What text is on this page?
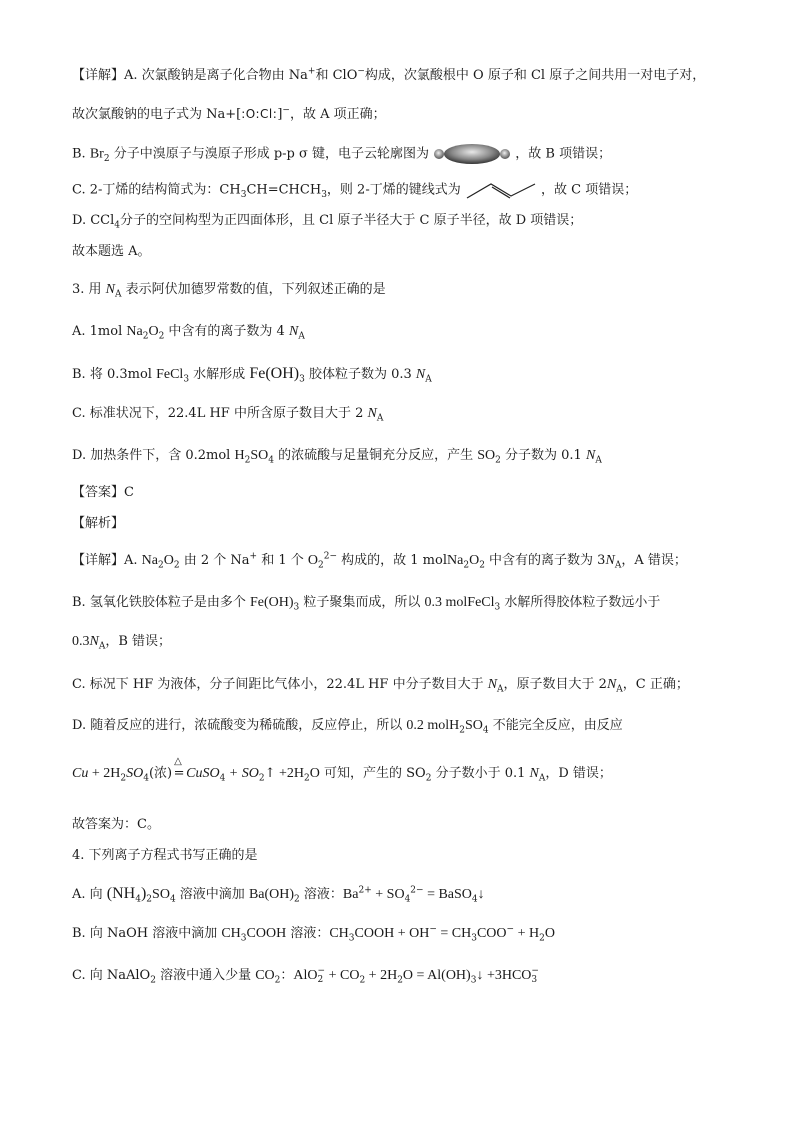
【详解】A. 次氯酸钠是离子化合物由 Na+和 ClO−构成，次氯酸根中 O 原子和 Cl 原子之间共用一对电子对，
故次氯酸钠的电子式为 Na+[:O:Cl:]−，故 A 项正确；
B. $Br_2$ 分子中溴原子与溴原子形成 p-p σ 键，电子云轮廓图为	，故 B 项错误；
C. 2-丁烯的结构简式为：$CH_3CH=CHCH_3$，则 2-丁烯的键线式为	，故 C 项错误；
D. CCl$_4$分子的空间构型为正四面体形，且 Cl 原子半径大于 C 原子半径，故 D 项错误；
故本题选 A。
3. 用 $N_A$ 表示阿伏加德罗常数的值，下列叙述正确的是
A. 1mol $Na_2O_2$ 中含有的离子数为 4 $N_A$
B. 将 0.3mol FeCl$_3$ 水解形成 $Fe(OH)_3$ 胶体粒子数为 0.3 $N_A$
C. 标准状况下，22.4L HF 中所含原子数目大于 2 $N_A$
D. 加热条件下，含 0.2mol $H_2SO_4$ 的浓硫酸与足量铜充分反应，产生 $SO_2$ 分子数为 0.1 $N_A$
【答案】C
【解析】
【详解】A. $Na_2O_2$ 由 2 个 Na+ 和 1 个 $O_2^{2-}$ 构成的，故 1 $molNa_2O_2$ 中含有的离子数为 $3N_A$，A 错误；
B. 氢氧化铁胶体粒子是由多个 $Fe(OH)_3$ 粒子聚集而成，所以 0.3 molFeCl$_3$ 水解所得胶体粒子数远小于
$0.3N_A$，B 错误；
C. 标况下 HF 为液体，分子间距比气体小，22.4L HF 中分子数目大于 $N_A$，原子数目大于 $2N_A$，C 正确；
D. 随着反应的进行，浓硫酸变为稀硫酸，反应停止，所以 0.2 $molH_2SO_4$ 不能完全反应，由反应
$Cu + 2H_2SO_4$(浓)
△
= CuSO$_4$ + $SO_2↑ +2H_2O$ 可知，产生的 $SO_2$ 分子数小于 0.1 $N_A$，D 错误；
故答案为：C。
4. 下列离子方程式书写正确的是
A. 向 $(NH_4)_2SO_4$ 溶液中滴加 $Ba(OH)_2$ 溶液：$Ba^{2+} + SO_4^{2-}$ = BaSO$_4$↓
B. 向 NaOH 溶液中滴加 $CH_3COOH$ 溶液：$CH_3COOH + OH^- = CH_3COO^- + H_2O$
C. 向 NaAlO$_2$ 溶液中通入少量 $CO_2$：AlO −
$2 + CO_2 + 2H_2O$ = $Al(OH)_3↓ +3HCO$ −
3
